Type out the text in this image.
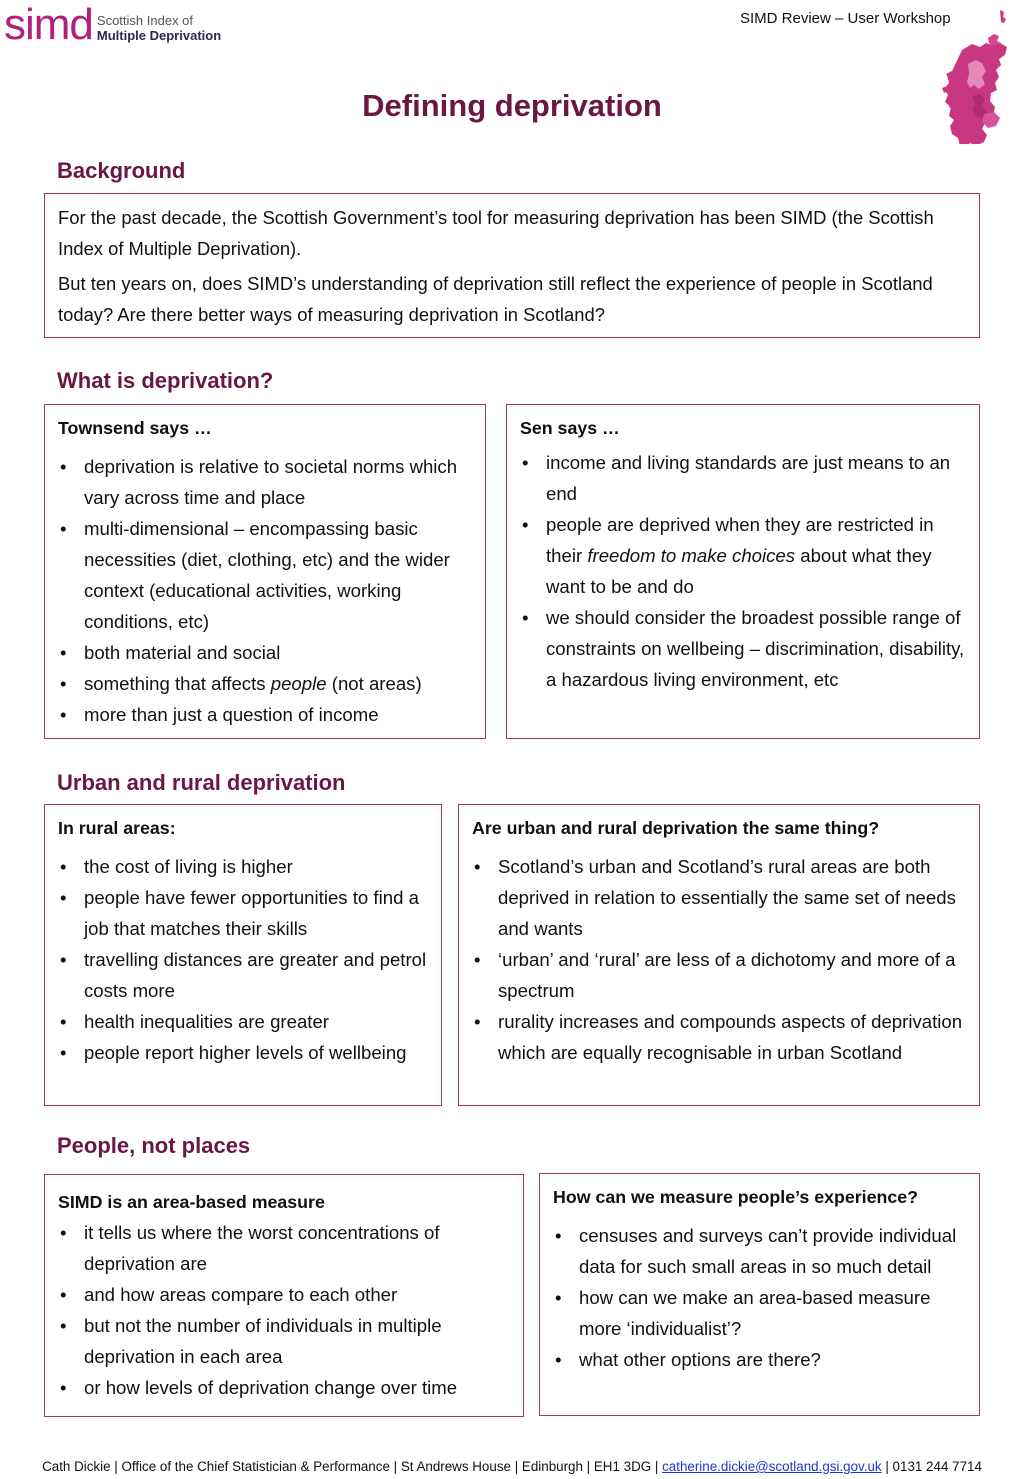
simd Scottish Index of
Multiple Deprivation
SIMD Review – User Workshop
Defining deprivation
Background

For the past decade, the Scottish Government’s tool for measuring deprivation has been SIMD (the Scottish Index of Multiple Deprivation).

But ten years on, does SIMD’s understanding of deprivation still reflect the experience of people in Scotland today? Are there better ways of measuring deprivation in Scotland?

What is deprivation?
Townsend says …
• deprivation is relative to societal norms which vary across time and place
• multi-dimensional – encompassing basic necessities (diet, clothing, etc) and the wider context (educational activities, working conditions, etc)
• both material and social
• something that affects people (not areas)
• more than just a question of income
Sen says …
• income and living standards are just means to an end
• people are deprived when they are restricted in their freedom to make choices about what they want to be and do
• we should consider the broadest possible range of constraints on wellbeing – discrimination, disability, a hazardous living environment, etc
Urban and rural deprivation
In rural areas:
• the cost of living is higher
• people have fewer opportunities to find a job that matches their skills
• travelling distances are greater and petrol costs more
• health inequalities are greater
• people report higher levels of wellbeing
Are urban and rural deprivation the same thing?
• Scotland’s urban and Scotland’s rural areas are both deprived in relation to essentially the same set of needs and wants
• ‘urban’ and ‘rural’ are less of a dichotomy and more of a spectrum
• rurality increases and compounds aspects of deprivation which are equally recognisable in urban Scotland
People, not places
SIMD is an area-based measure
• it tells us where the worst concentrations of deprivation are
• and how areas compare to each other
• but not the number of individuals in multiple deprivation in each area
• or how levels of deprivation change over time
How can we measure people’s experience?
• censuses and surveys can’t provide individual data for such small areas in so much detail
• how can we make an area-based measure more ‘individualist’?
• what other options are there?
Cath Dickie | Office of the Chief Statistician & Performance | St Andrews House | Edinburgh | EH1 3DG | catherine.dickie@scotland.gsi.gov.uk | 0131 244 7714
